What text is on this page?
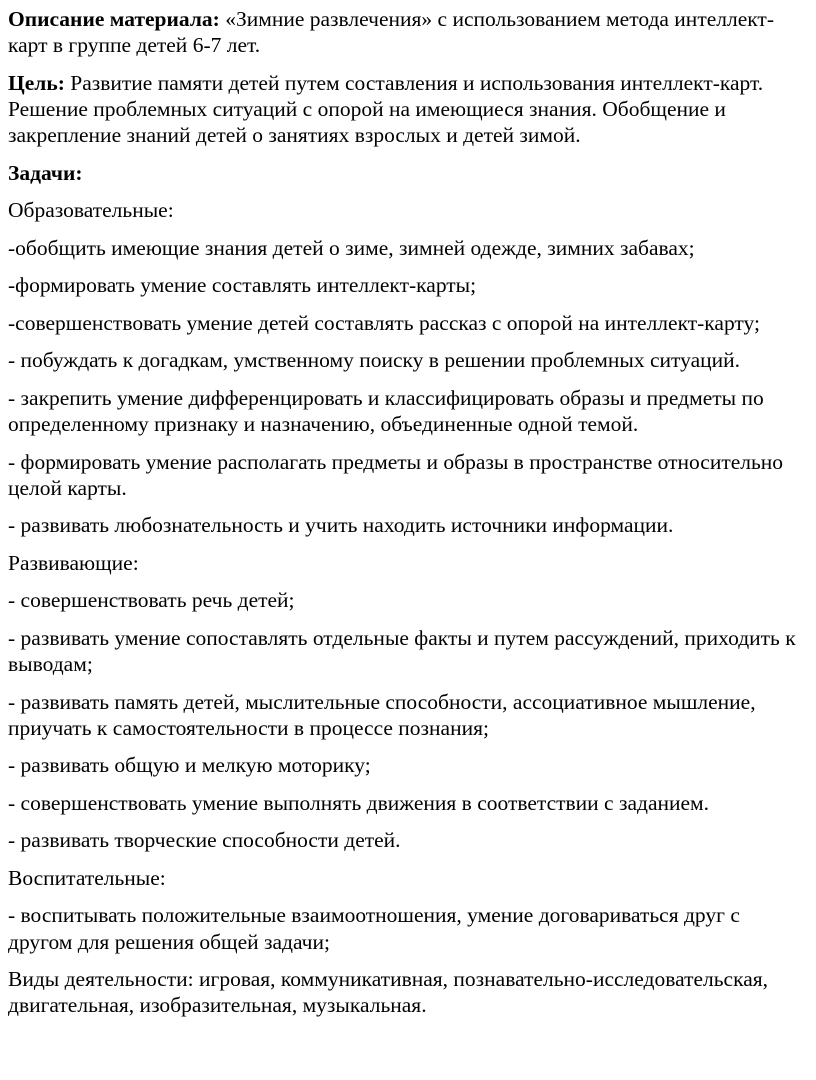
Описание материала: «Зимние развлечения» с использованием метода интеллект-карт в группе детей 6-7 лет.

Цель: Развитие памяти детей путем составления и использования интеллект-карт. Решение проблемных ситуаций с опорой на имеющиеся знания. Обобщение и закрепление знаний детей о занятиях взрослых и детей зимой.

Задачи:

Образовательные:

-обобщить имеющие знания детей о зиме, зимней одежде, зимних забавах;

-формировать умение составлять интеллект-карты;

-совершенствовать умение детей составлять рассказ с опорой на интеллект-карту;

- побуждать к догадкам, умственному поиску в решении проблемных ситуаций.

- закрепить умение дифференцировать и классифицировать образы и предметы по определенному признаку и назначению, объединенные одной темой.

- формировать умение располагать предметы и образы в пространстве относительно целой карты.

- развивать любознательность и учить находить источники информации.

Развивающие:

- совершенствовать речь детей;

- развивать умение сопоставлять отдельные факты и путем рассуждений, приходить к выводам;

- развивать память детей, мыслительные способности, ассоциативное мышление, приучать к самостоятельности в процессе познания;

- развивать общую и мелкую моторику;

- совершенствовать умение выполнять движения в соответствии с заданием.

- развивать творческие способности детей.

Воспитательные:

- воспитывать положительные взаимоотношения, умение договариваться друг с другом для решения общей задачи;

Виды деятельности: игровая, коммуникативная, познавательно-исследовательская, двигательная, изобразительная, музыкальная.
